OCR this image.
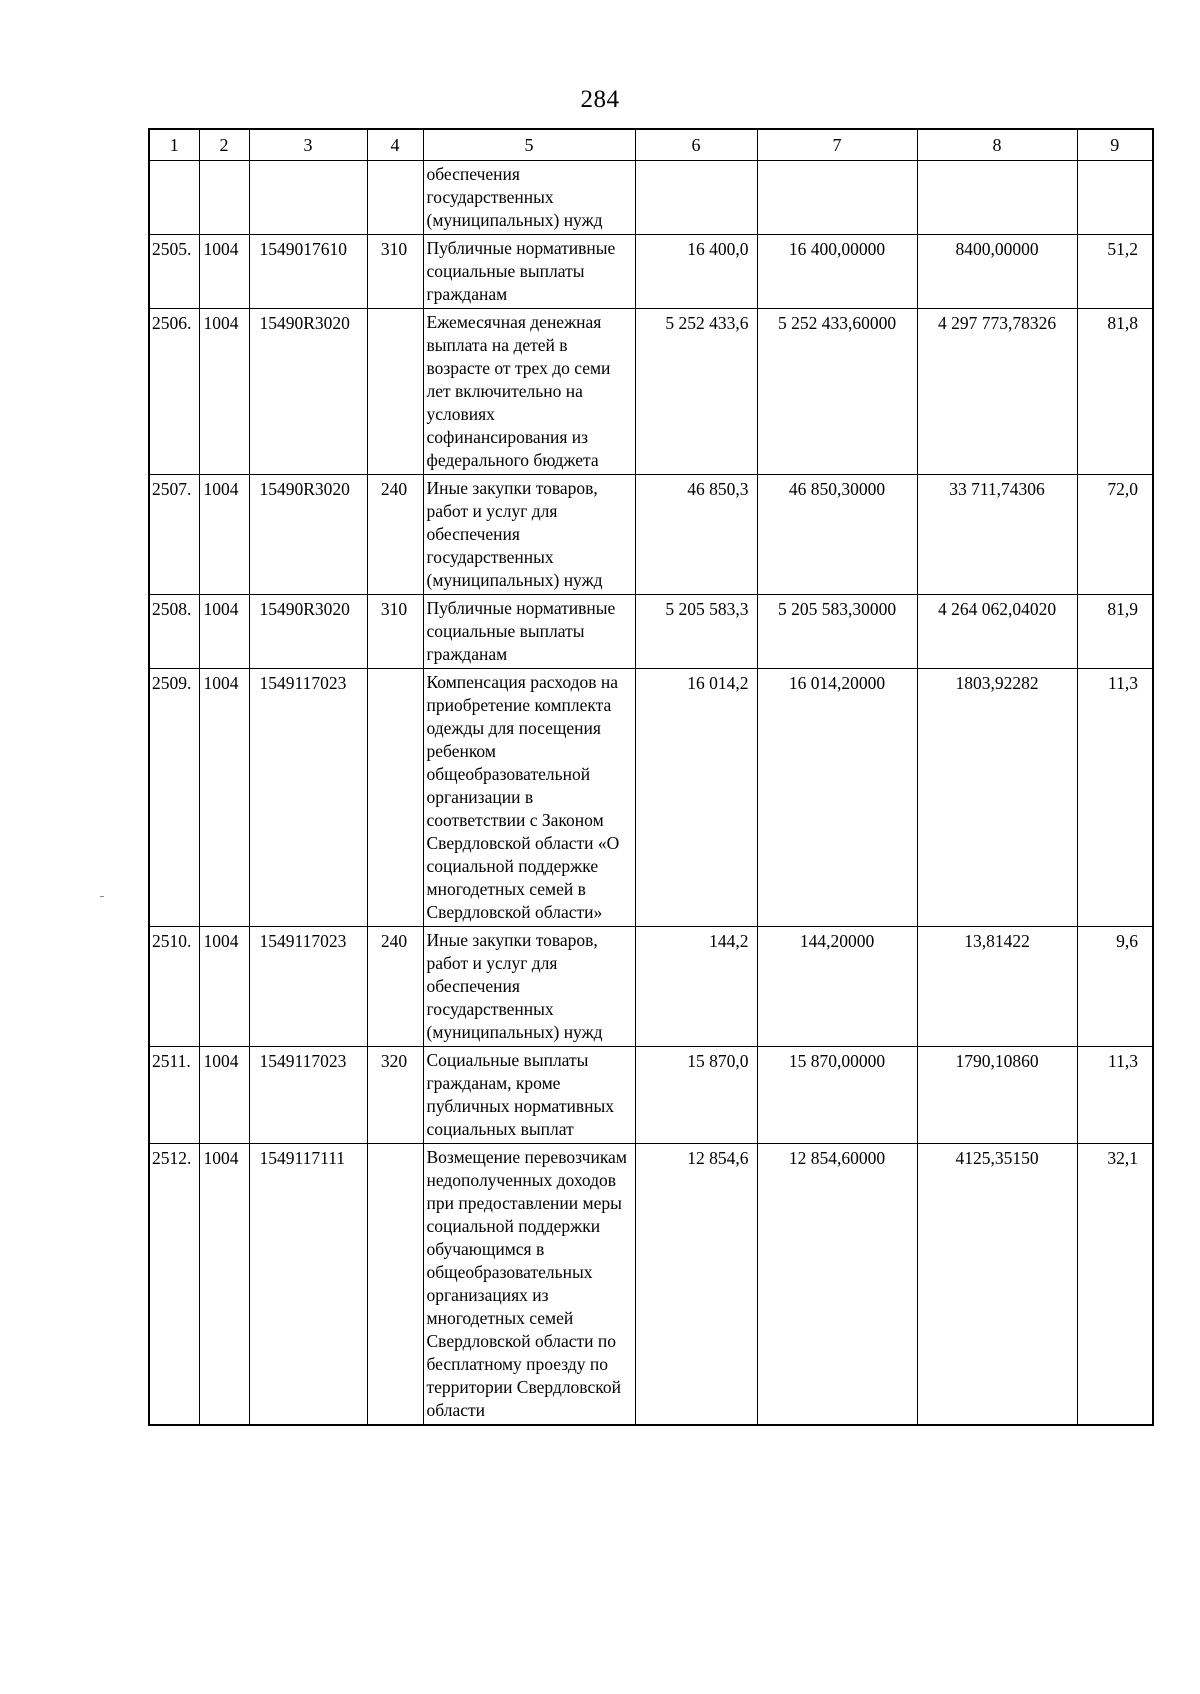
284
1	2	3	4	5	6	7	8	9
				обеспечения государственных (муниципальных) нужд				
2505.	1004	1549017610	310	Публичные нормативные социальные выплаты гражданам	16 400,0	16 400,00000	8400,00000	51,2
2506.	1004	15490R3020		Ежемесячная денежная выплата на детей в возрасте от трех до семи лет включительно на условиях софинансирования из федерального бюджета	5 252 433,6	5 252 433,60000	4 297 773,78326	81,8
2507.	1004	15490R3020	240	Иные закупки товаров, работ и услуг для обеспечения государственных (муниципальных) нужд	46 850,3	46 850,30000	33 711,74306	72,0
2508.	1004	15490R3020	310	Публичные нормативные социальные выплаты гражданам	5 205 583,3	5 205 583,30000	4 264 062,04020	81,9
2509.	1004	1549117023		Компенсация расходов на приобретение комплекта одежды для посещения ребенком общеобразовательной организации в соответствии с Законом Свердловской области «О социальной поддержке многодетных семей в Свердловской области»	16 014,2	16 014,20000	1803,92282	11,3
2510.	1004	1549117023	240	Иные закупки товаров, работ и услуг для обеспечения государственных (муниципальных) нужд	144,2	144,20000	13,81422	9,6
2511.	1004	1549117023	320	Социальные выплаты гражданам, кроме публичных нормативных социальных выплат	15 870,0	15 870,00000	1790,10860	11,3
2512.	1004	1549117111		Возмещение перевозчикам недополученных доходов при предоставлении меры социальной поддержки обучающимся в общеобразовательных организациях из многодетных семей Свердловской области по бесплатному проезду по территории Свердловской области	12 854,6	12 854,60000	4125,35150	32,1
